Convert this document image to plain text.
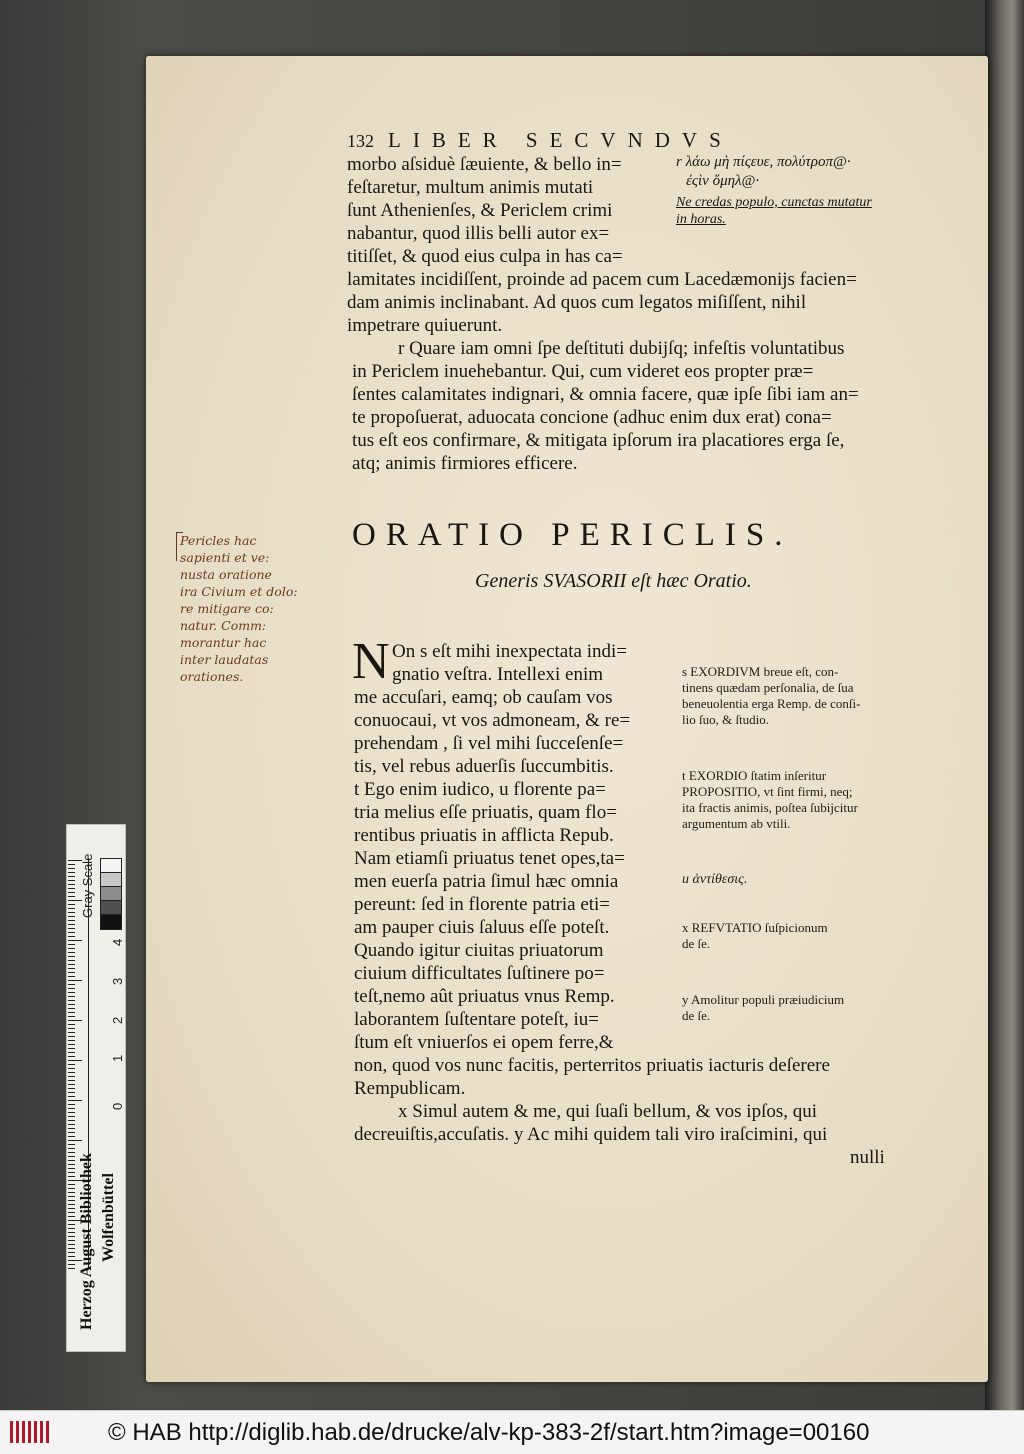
132 LIBER SECVNDVS
morbo aſsiduè ſæuiente, & bello in=
feſtaretur, multum animis mutati
ſunt Athenienſes, & Periclem crimi
nabantur, quod illis belli autor ex=
titiſſet, & quod eius culpa in has ca=
lamitates incidiſſent, proinde ad pacem cum Lacedæmonijs facien=
dam animis inclinabant. Ad quos cum legatos miſiſſent, nihil
impetrare quiuerunt.
r λάω μὴ πίςευε, πολύτροπ@·
ἐςὶν ὅμηλ@·
Ne credas populo, cunctas mutatur
in horas.
r Quare iam omni ſpe deſtituti dubijſq; infeſtis voluntatibus
in Periclem inuehebantur. Qui, cum videret eos propter præ=
ſentes calamitates indignari, & omnia facere, quæ ipſe ſibi iam an=
te propoſuerat, aduocata concione (adhuc enim dux erat) cona=
tus eſt eos confirmare, & mitigata ipſorum ira placatiores erga ſe,
atq; animis firmiores efficere.
Pericles hac
sapienti et ve:
nusta oratione
ira Civium et dolo:
re mitigare co:
natur. Comm:
morantur hac
inter laudatas
orationes.
ORATIO PERICLIS.
Generis SVASORII eſt hæc Oratio.
N On s eſt mihi inexpectata indi=
gnatio veſtra. Intellexi enim
me accuſari, eamq; ob cauſam vos
conuocaui, vt vos admoneam, & re=
prehendam , ſi vel mihi ſucceſenſe=
tis, vel rebus aduerſis ſuccumbitis.
t Ego enim iudico, u florente pa=
tria melius eſſe priuatis, quam flo=
rentibus priuatis in afflicta Repub.
Nam etiamſi priuatus tenet opes,ta=
men euerſa patria ſimul hæc omnia
pereunt: ſed in florente patria eti=
am pauper ciuis ſaluus eſſe poteſt.
Quando igitur ciuitas priuatorum
ciuium difficultates ſuſtinere po=
teſt,nemo aût priuatus vnus Remp.
laborantem ſuſtentare poteſt, iu=
ſtum eſt vniuerſos ei opem ferre,&
non, quod vos nunc facitis, perterritos priuatis iacturis deſerere
Rempublicam.
x Simul autem & me, qui ſuaſi bellum, & vos ipſos, qui
decreuiſtis,accuſatis. y Ac mihi quidem tali viro iraſcimini, qui
nulli
s EXORDIVM breue eſt, con-
tinens quædam perſonalia, de ſua
beneuolentia erga Remp. de conſi-
lio ſuo, & ſtudio.
t EXORDIO ſtatim inſeritur
PROPOSITIO, vt ſint firmi, neq;
ita fractis animis, poſtea ſubijcitur
argumentum ab vtili.
u ἀντίθεσις.
x REFVTATIO ſuſpicionum
de ſe.
y Amolitur populi præiudicium
de ſe.
0
1
2
3
4
Gray Scale
Herzog August Bibliothek Wolfenbüttel
© HAB http://diglib.hab.de/drucke/alv-kp-383-2f/start.htm?image=00160
